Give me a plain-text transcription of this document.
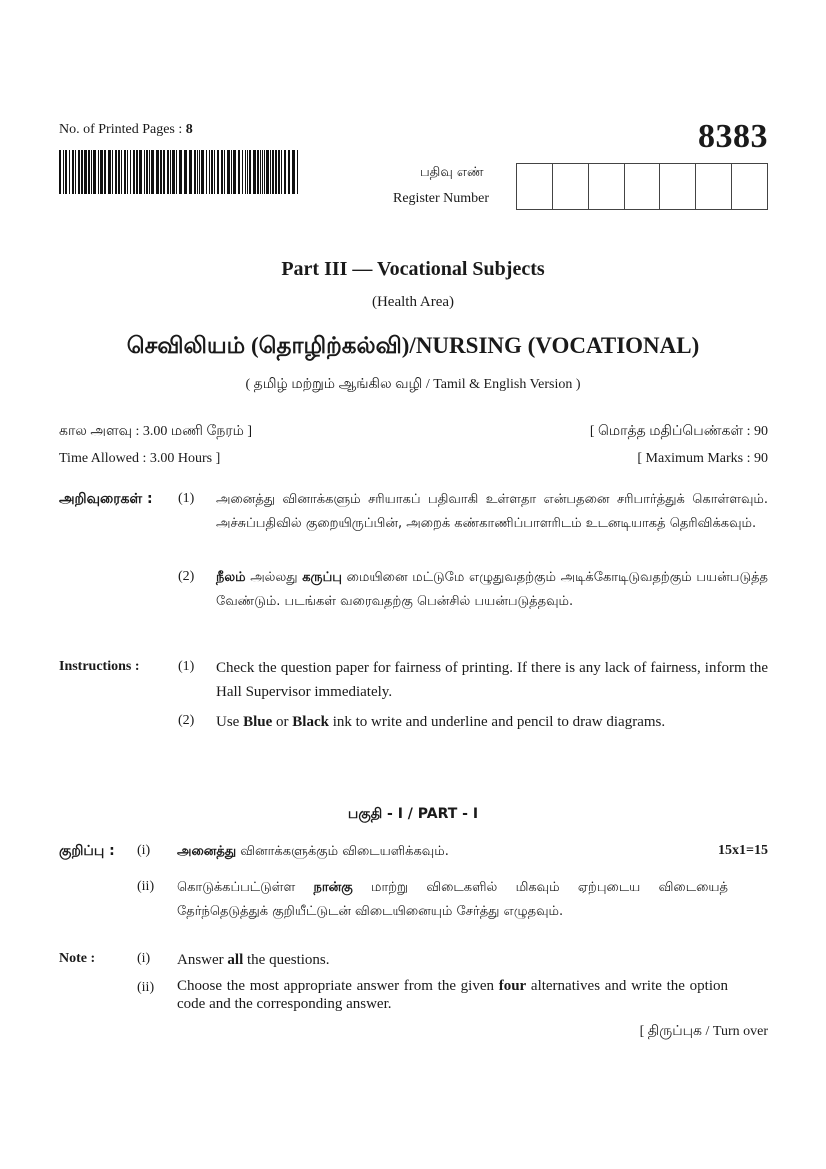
No. of Printed Pages : 8	8383
பதிவு எண்
Register Number
Part III — Vocational Subjects
(Health Area)
செவிலியம் (தொழிற்கல்வி)/NURSING (VOCATIONAL)
( தமிழ் மற்றும் ஆங்கில வழி / Tamil & English Version )
கால அளவு : 3.00 மணி நேரம் ]
Time Allowed : 3.00 Hours ]
[ மொத்த மதிப்பெண்கள் : 90
[ Maximum Marks : 90
அறிவுரைகள் : (1) அனைத்து வினாக்களும் சரியாகப் பதிவாகி உள்ளதா என்பதனை சரிபார்த்துக் கொள்ளவும். அச்சுப்பதிவில் குறையிருப்பின், அறைக் கண்காணிப்பாளரிடம் உடனடியாகத் தெரிவிக்கவும்.
(2) நீலம் அல்லது கருப்பு மையினை மட்டுமே எழுதுவதற்கும் அடிக்கோடிடுவதற்கும் பயன்படுத்த வேண்டும். படங்கள் வரைவதற்கு பென்சில் பயன்படுத்தவும்.
Instructions :	(1) Check the question paper for fairness of printing. If there is any lack of fairness, inform the Hall Supervisor immediately.
(2) Use Blue or Black ink to write and underline and pencil to draw diagrams.
பகுதி - I / PART - I
குறிப்பு : (i) அனைத்து வினாக்களுக்கும் விடையளிக்கவும்.	15x1=15
(ii) கொடுக்கப்பட்டுள்ள நான்கு மாற்று விடைகளில் மிகவும் ஏற்புடைய விடையைத் தேர்ந்தெடுத்துக் குறியீட்டுடன் விடையினையும் சேர்த்து எழுதவும்.
Note :	(i) Answer all the questions.
(ii) Choose the most appropriate answer from the given four alternatives and write the option code and the corresponding answer.
[ திருப்புக / Turn over
